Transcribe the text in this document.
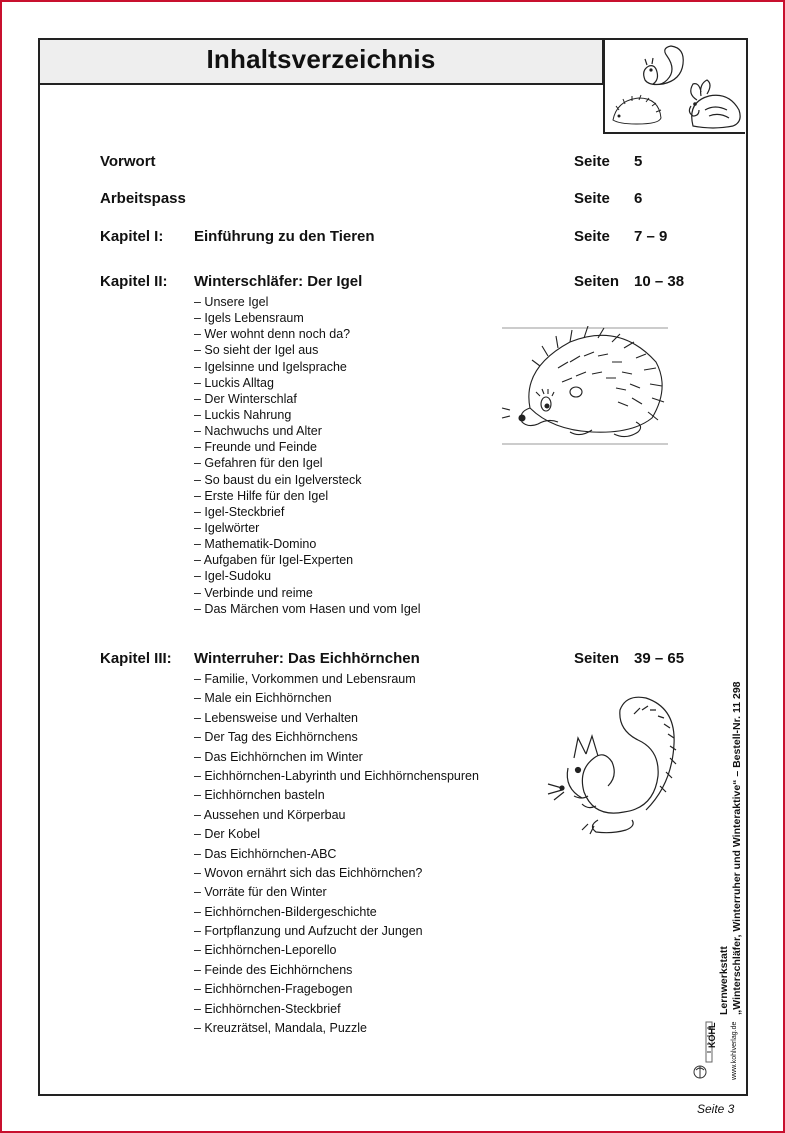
Inhaltsverzeichnis
Vorwort	Seite 5
Arbeitspass	Seite 6
Kapitel I: Einführung zu den Tieren	Seite 7 – 9
Kapitel II: Winterschläfer: Der Igel	Seiten 10 – 38
– Unsere Igel
– Igels Lebensraum
– Wer wohnt denn noch da?
– So sieht der Igel aus
– Igelsinne und Igelsprache
– Luckis Alltag
– Der Winterschlaf
– Luckis Nahrung
– Nachwuchs und Alter
– Freunde und Feinde
– Gefahren für den Igel
– So baust du ein Igelversteck
– Erste Hilfe für den Igel
– Igel-Steckbrief
– Igelwörter
– Mathematik-Domino
– Aufgaben für Igel-Experten
– Igel-Sudoku
– Verbinde und reime
– Das Märchen vom Hasen und vom Igel
Kapitel III: Winterruher: Das Eichhörnchen	Seiten 39 – 65
– Familie, Vorkommen und Lebensraum
– Male ein Eichhörnchen
– Lebensweise und Verhalten
– Der Tag des Eichhörnchens
– Das Eichhörnchen im Winter
– Eichhörnchen-Labyrinth und Eichhörnchenspuren
– Eichhörnchen basteln
– Aussehen und Körperbau
– Der Kobel
– Das Eichhörnchen-ABC
– Wovon ernährt sich das Eichhörnchen?
– Vorräte für den Winter
– Eichhörnchen-Bildergeschichte
– Fortpflanzung und Aufzucht der Jungen
– Eichhörnchen-Leporello
– Feinde des Eichhörnchens
– Eichhörnchen-Fragebogen
– Eichhörnchen-Steckbrief
– Kreuzrätsel, Mandala, Puzzle
Lernwerkstatt „Winterschläfer, Winterruher und Winteraktive“ – Bestell-Nr. 11 298
KOHL www.kohlverlag.de
Seite 3
